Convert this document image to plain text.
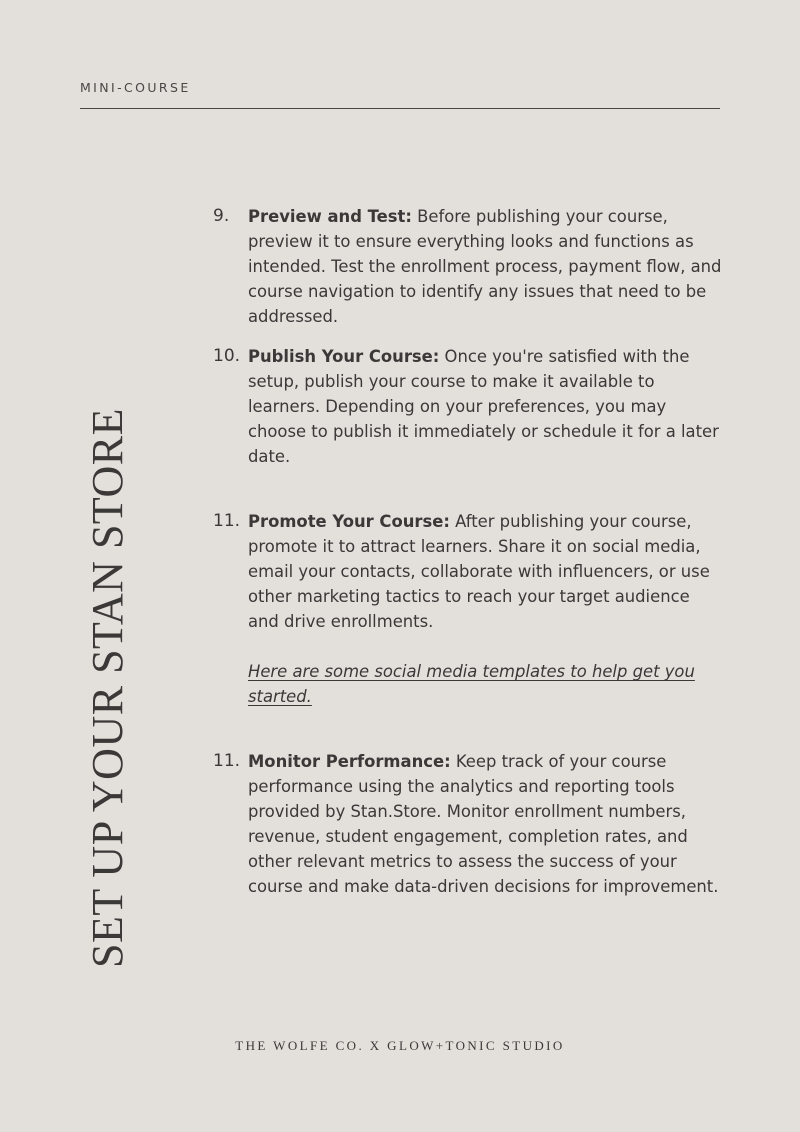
MINI-COURSE
SET UP YOUR STAN STORE
9.	Preview and Test: Before publishing your course, preview it to ensure everything looks and functions as intended. Test the enrollment process, payment flow, and course navigation to identify any issues that need to be addressed.
10. Publish Your Course: Once you're satisfied with the setup, publish your course to make it available to learners. Depending on your preferences, you may choose to publish it immediately or schedule it for a later date.
11. Promote Your Course: After publishing your course, promote it to attract learners. Share it on social media, email your contacts, collaborate with influencers, or use other marketing tactics to reach your target audience and drive enrollments.
Here are some social media templates to help get you started.
11. Monitor Performance: Keep track of your course performance using the analytics and reporting tools provided by Stan.Store. Monitor enrollment numbers, revenue, student engagement, completion rates, and other relevant metrics to assess the success of your course and make data-driven decisions for improvement.
THE WOLFE CO. X GLOW+TONIC STUDIO
